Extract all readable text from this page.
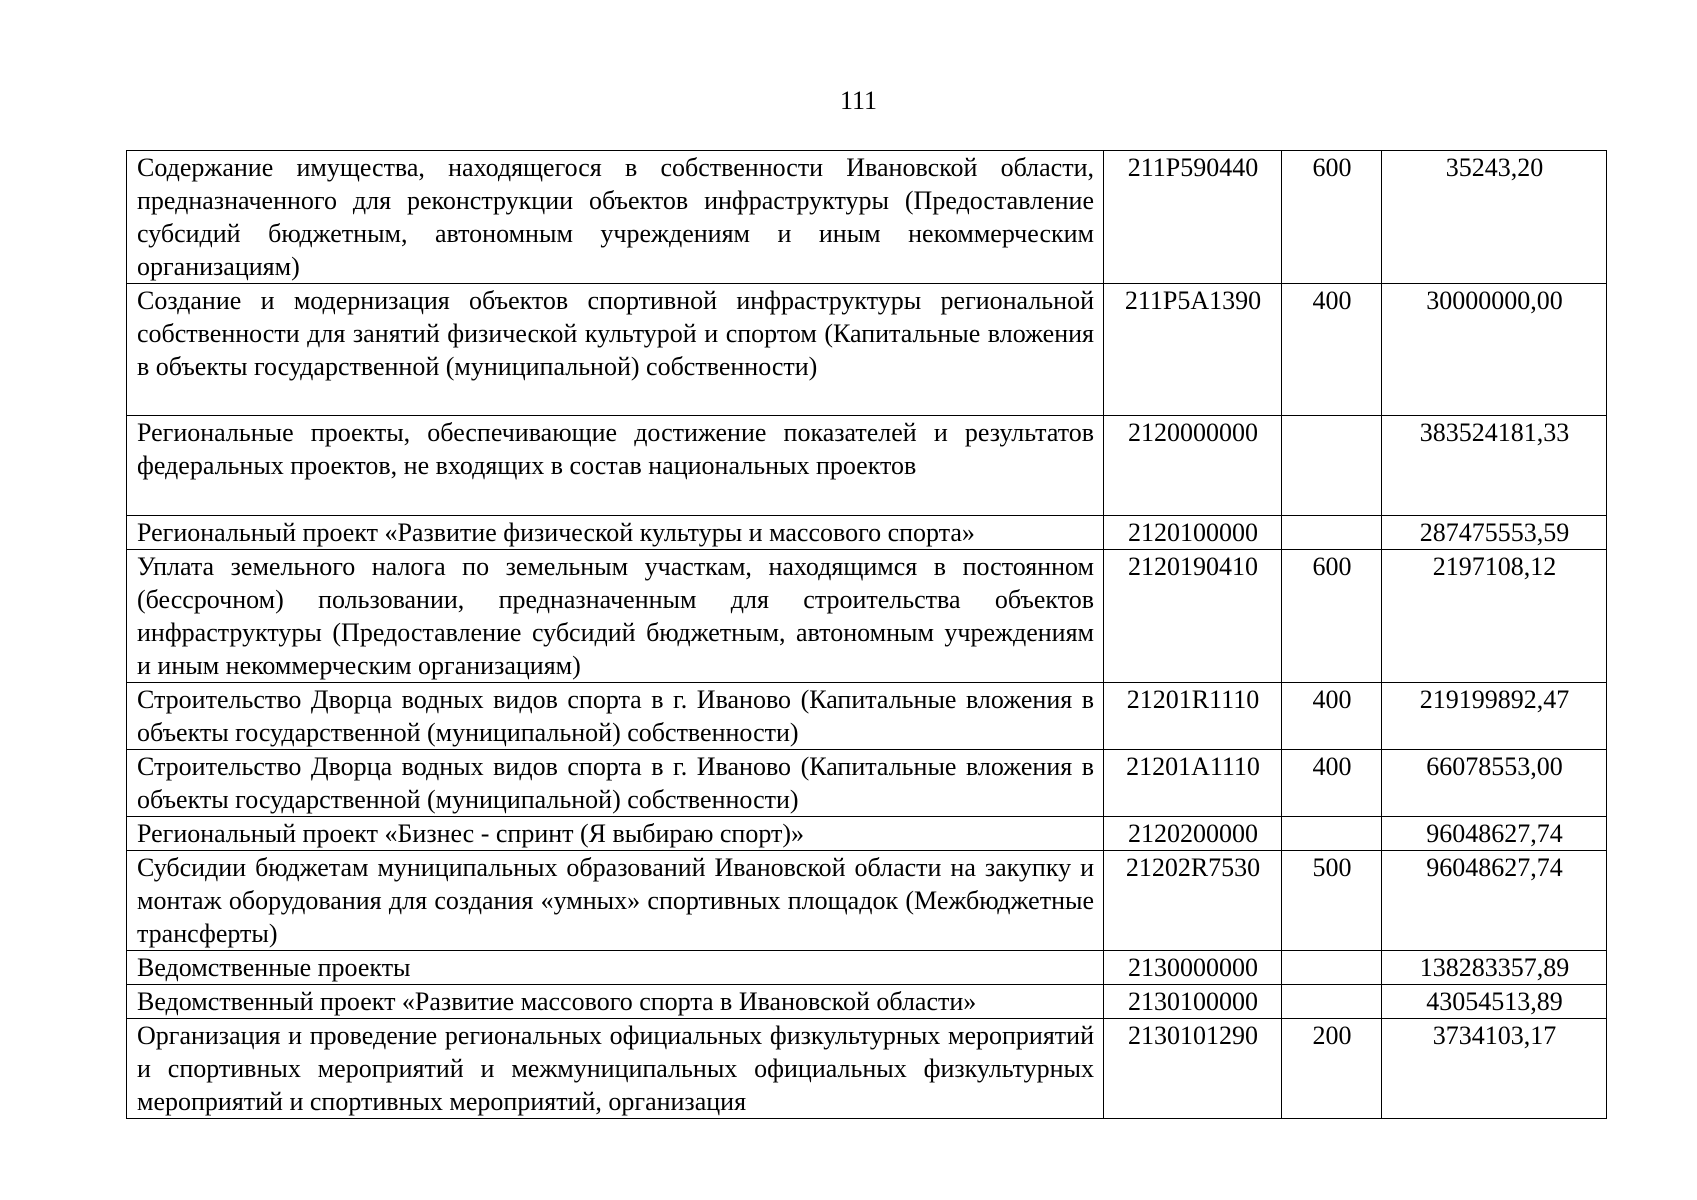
111
Содержание имущества, находящегося в собственности Ивановской области, предназначенного для реконструкции объектов инфраструктуры (Предоставление субсидий бюджетным, автономным учреждениям и иным некоммерческим организациям)	211P590440	600	35243,20
Создание и модернизация объектов спортивной инфраструктуры региональной собственности для занятий физической культурой и спортом (Капитальные вложения в объекты государственной (муниципальной) собственности)	211P5A1390	400	30000000,00
Региональные проекты, обеспечивающие достижение показателей и результатов федеральных проектов, не входящих в состав национальных проектов	2120000000		383524181,33
Региональный проект «Развитие физической культуры и массового спорта»	2120100000		287475553,59
Уплата земельного налога по земельным участкам, находящимся в постоянном (бессрочном) пользовании, предназначенным для строительства объектов инфраструктуры (Предоставление субсидий бюджетным, автономным учреждениям и иным некоммерческим организациям)	2120190410	600	2197108,12
Строительство Дворца водных видов спорта в г. Иваново (Капитальные вложения в объекты государственной (муниципальной) собственности)	21201R1110	400	219199892,47
Строительство Дворца водных видов спорта в г. Иваново (Капитальные вложения в объекты государственной (муниципальной) собственности)	21201A1110	400	66078553,00
Региональный проект «Бизнес - спринт (Я выбираю спорт)»	2120200000		96048627,74
Субсидии бюджетам муниципальных образований Ивановской области на закупку и монтаж оборудования для создания «умных» спортивных площадок (Межбюджетные трансферты)	21202R7530	500	96048627,74
Ведомственные проекты	2130000000		138283357,89
Ведомственный проект «Развитие массового спорта в Ивановской области»	2130100000		43054513,89
Организация и проведение региональных официальных физкультурных мероприятий и спортивных мероприятий и межмуниципальных официальных физкультурных мероприятий и спортивных мероприятий, организация	2130101290	200	3734103,17
